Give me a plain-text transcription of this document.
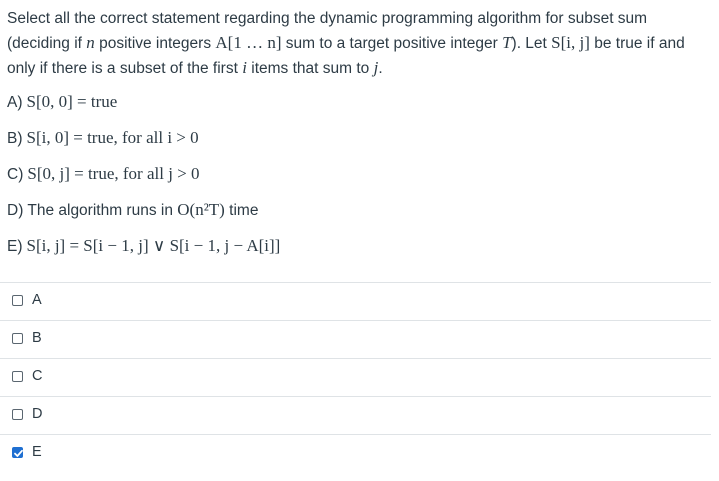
Select all the correct statement regarding the dynamic programming algorithm for subset sum (deciding if n positive integers A[1 … n] sum to a target positive integer T). Let S[i, j] be true if and only if there is a subset of the first i items that sum to j.
A) S[0, 0] = true
B) S[i, 0] = true, for all i > 0
C) S[0, j] = true, for all j > 0
D) The algorithm runs in O(n²T) time
E) S[i, j] = S[i − 1, j] ∨ S[i − 1, j − A[i]]
A
B
C
D
E
